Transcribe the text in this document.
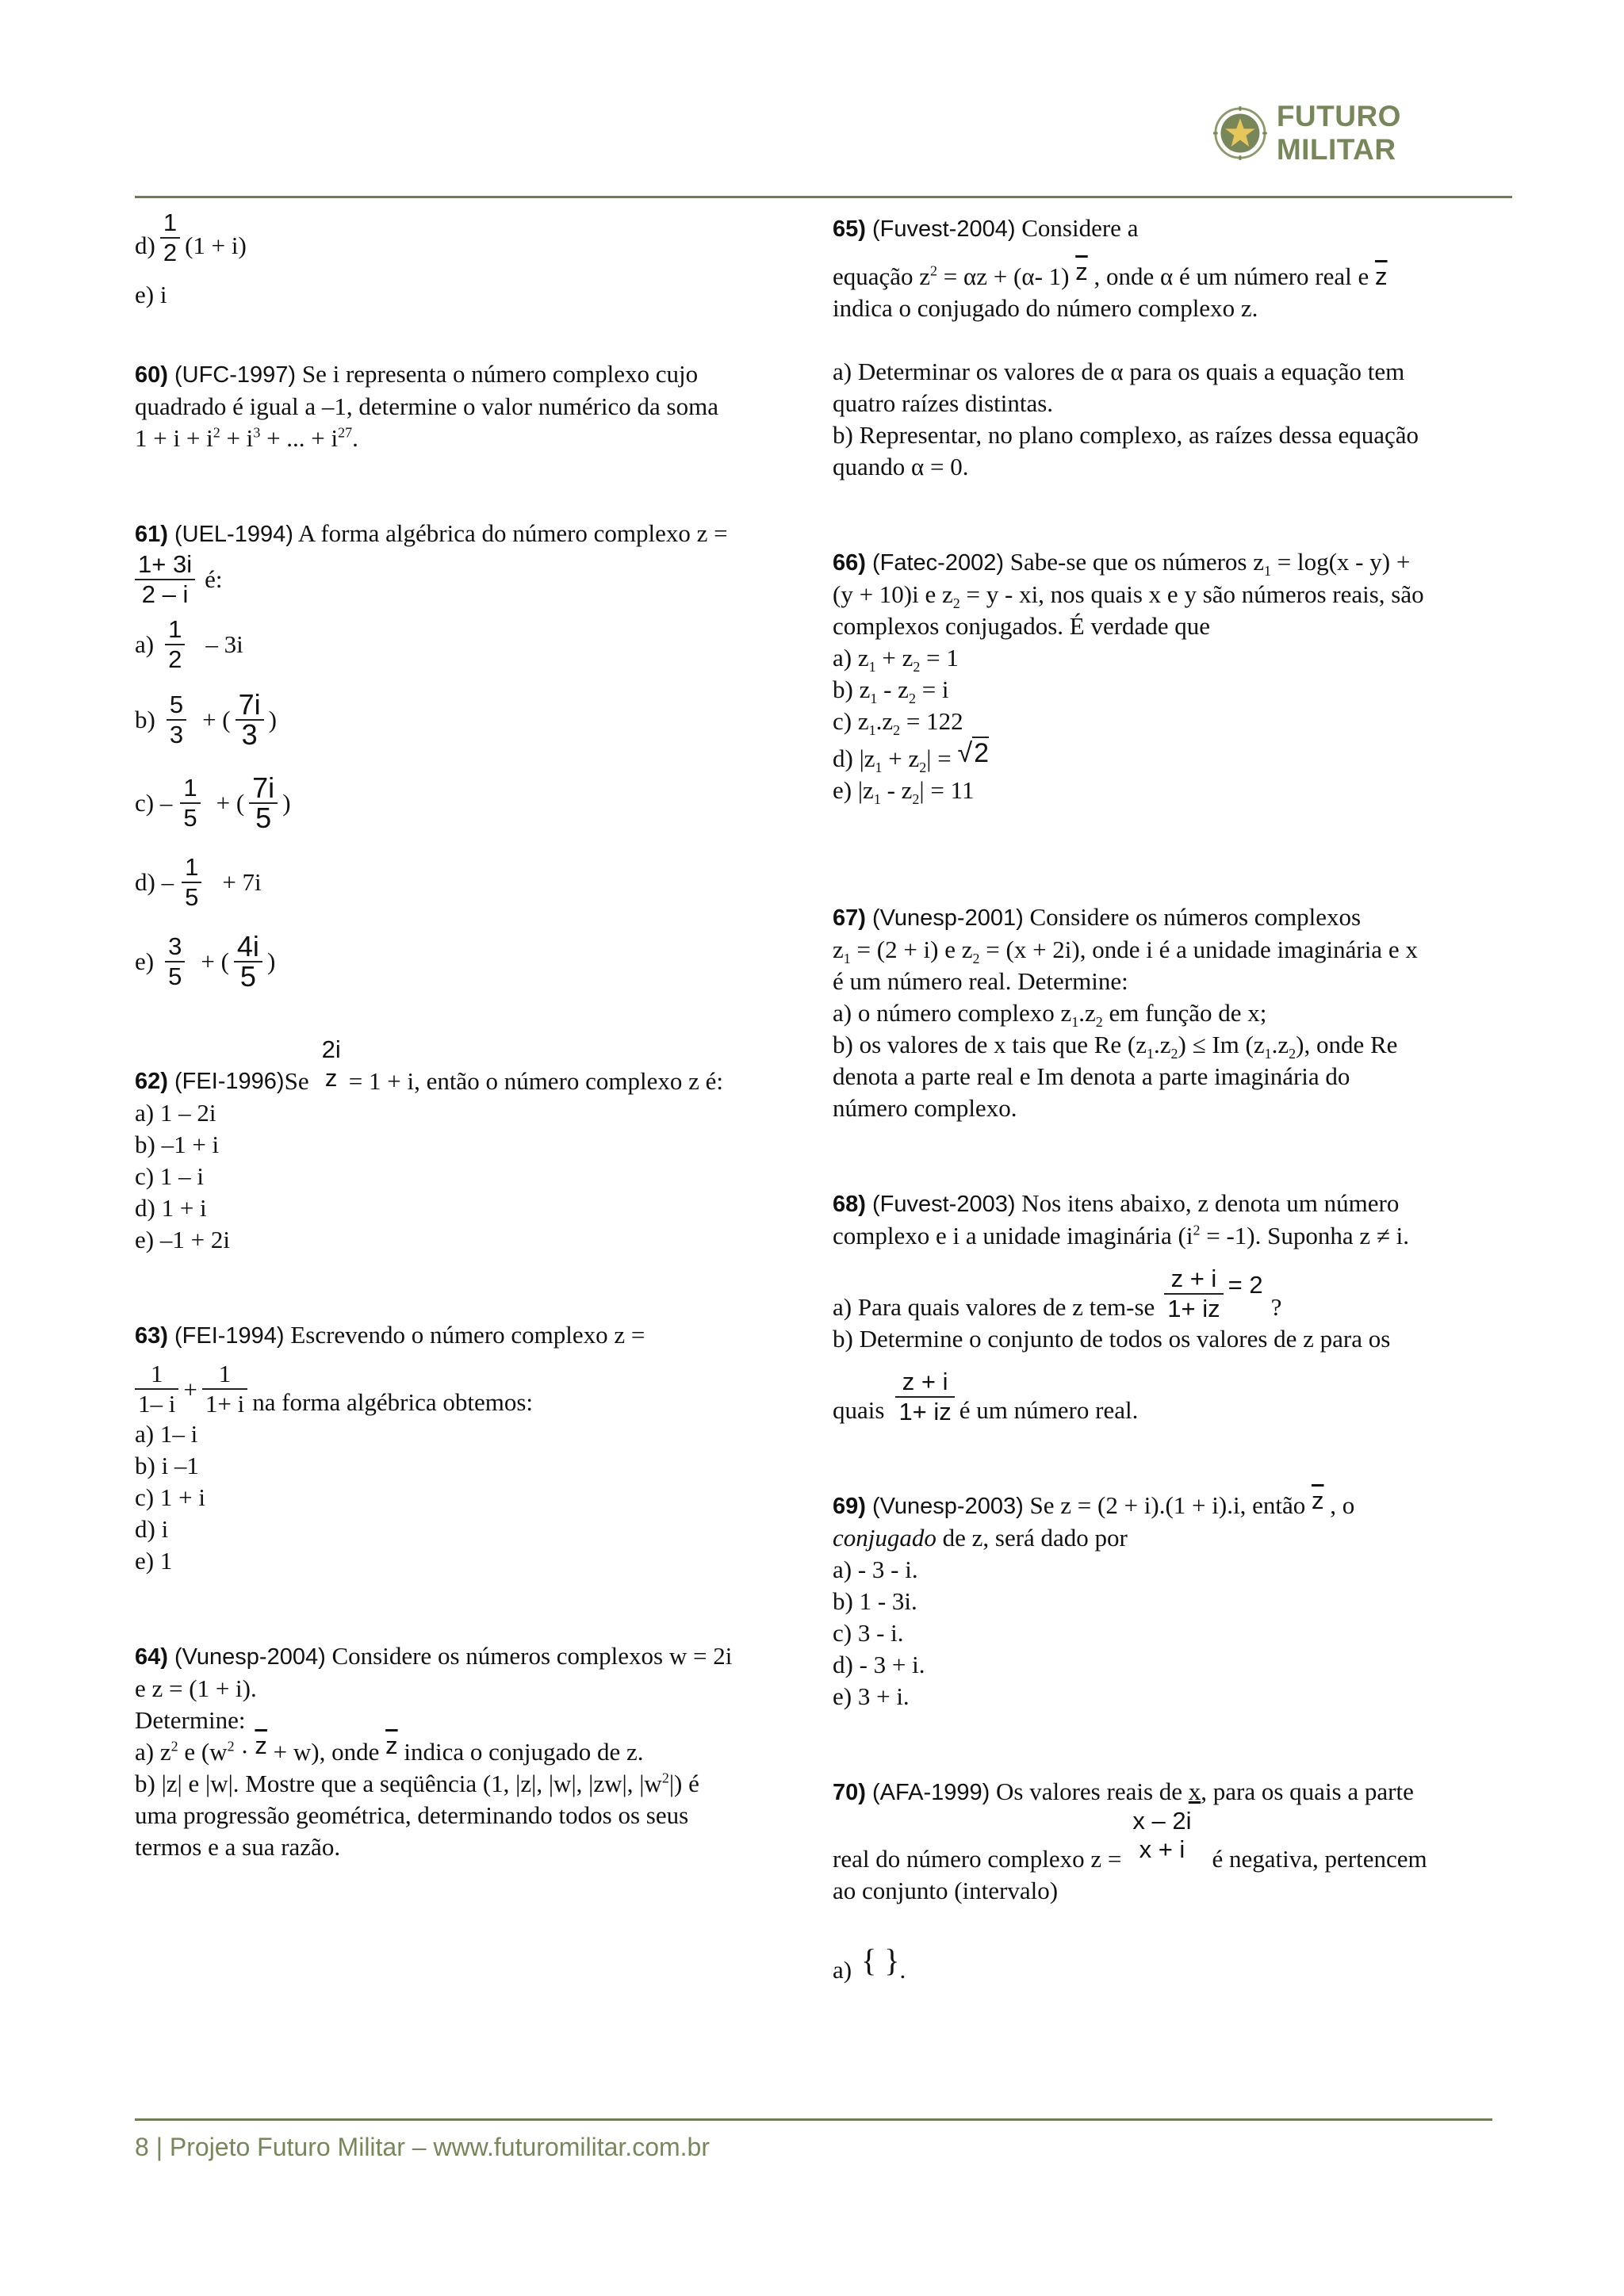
FUTURO MILITAR
$d) \frac{1}{2} (1 + i)$
e) i
60) (UFC-1997) Se i representa o número complexo cujo
quadrado é igual a –1, determine o valor numérico da soma
$1 + i + i^2 + i^3$ + ... + $i^{27}$.
61) (UEL-1994) A forma algébrica do número complexo z =
$\frac{1+ 3i}{2 - i}$ é:
$a) \frac{1}{2} - 3i$
$b) \frac{5}{3}$ + ( $\frac{7i}{3}$ )
$c) - \frac{1}{5}$ + ( $\frac{7i}{5}$ )
$d) - \frac{1}{5} + 7i$
$e) \frac{3}{5}$ + ( $\frac{4i}{5}$ )
62) (FEI-1996) Se
2i
z = 1 + i, então o número complexo z é:
a) 1 – 2i
b) –1 + i
c) 1 – i
d) 1 + i
e) –1 + 2i
63) (FEI-1994) Escrevendo o número complexo z =
$\frac{1}{1- i} + \frac{1}{1+ i}$ na forma algébrica obtemos:
a) 1– i
b) i –1
c) 1 + i
d) i
e) 1
64) (Vunesp-2004) Considere os números complexos w = 2i
e z = (1 + i).
Determine:
a) $z^2$ e $(w^2 \cdot \overline{z} + w)$, onde $\overline{z}$ indica o conjugado de z.
b) |z| e |w|. Mostre que a seqüência (1, |z|, |w|, |zw|, $|w^2|$) é
uma progressão geométrica, determinando todos os seus
termos e a sua razão.
65) (Fuvest-2004) Considere a
equação $z^2 = \alpha z + (\alpha-$ 1) $\overline{z}$ , onde α é um número real e $\overline{z}$
indica o conjugado do número complexo z.
a) Determinar os valores de α para os quais a equação tem
quatro raízes distintas.
b) Representar, no plano complexo, as raízes dessa equação
quando α = 0.
66) (Fatec-2002) Sabe-se que os números $z_1 = \log(x - y)$ +
(y + 10)i e $z_2 = y$ - xi, nos quais x e y são números reais, são
complexos conjugados. É verdade que
a) $z_1 + z_2 = 1$
b) $z_1 - z_2 = i$
c) $z_1.z_2 = 122$
d) $|z_1 + z_2| = √2$
e) $|z_1 - z_2| = 11$
67) (Vunesp-2001) Considere os números complexos
$z_1 = (2 + i)$ e $z_2 = (x + 2i)$, onde i é a unidade imaginária e x
é um número real. Determine:
a) o número complexo $z_1.z_2$ em função de x;
b) os valores de x tais que Re $(z_1.z_2) \le Im$ $(z_1.z_2)$, onde Re
denota a parte real e Im denota a parte imaginária do
número complexo.
68) (Fuvest-2003) Nos itens abaixo, z denota um número
complexo e i a unidade imaginária $(i^2 = -1)$. Suponha z ≠ i.
a) Para quais valores de z $tem-se \frac{z + i}{1+ iz} = 2$
?
b) Determine o conjunto de todos os valores de z para os
quais $\frac{z + i}{1+ iz}$ é um número real.
69) (Vunesp-2003) Se z = (2 + i).(1 + i).i, então $\overline{z}$ , o
conjugado de z, será dado por
a) - 3 - i.
b) 1 - 3i.
c) 3 - i.
d) - 3 + i.
e) 3 + i.
70) (AFA-1999) Os valores reais de x, para os quais a parte
real do número complexo z =
x – 2i
x + i	é negativa, pertencem
ao conjunto (intervalo)
a) { } .
8 | Projeto Futuro Militar – www.futuromilitar.com.br
